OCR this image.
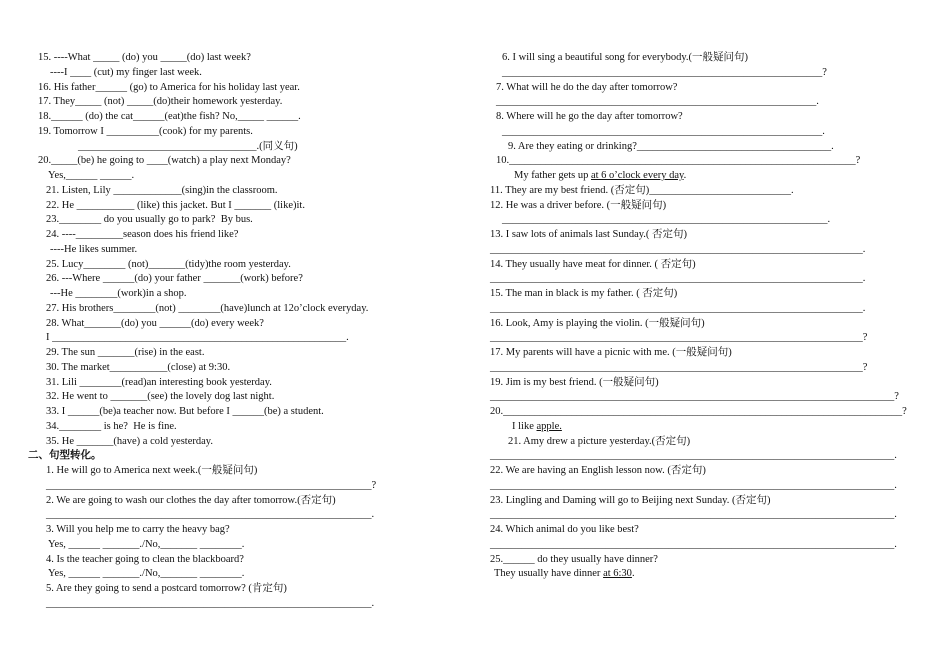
15. ----What _____ (do) you _____(do) last week?
----I ____ (cut) my finger last week.
16. His father______ (go) to America for his holiday last year.
17. They_____ (not) _____(do)their homework yesterday.
18.______ (do) the cat______(eat)the fish? No,_____ ______.
19. Tomorrow I __________(cook) for my parents.
__________________________________.(同义句)
20._____(be) he going to ____(watch) a play next Monday?
Yes,______ ______.
21. Listen, Lily _____________(sing)in the classroom.
22. He ___________ (like) this jacket. But I _______ (like)it.
23.________ do you usually go to park?  By bus.
24. ----_________season does his friend like?
----He likes summer.
25. Lucy________ (not)_______(tidy)the room yesterday.
26. ---Where ______(do) your father _______(work) before?
---He ________(work)in a shop.
27. His brothers________(not) ________(have)lunch at 12o’clock everyday.
28. What_______(do) you ______(do) every week?
I ________________________________________________________.
29. The sun _______(rise) in the east.
30. The market___________(close) at 9:30.
31. Lili ________(read)an interesting book yesterday.
32. He went to _______(see) the lovely dog last night.
33. I ______(be)a teacher now. But before I ______(be) a student.
34.________ is he?  He is fine.
35. He _______(have) a cold yesterday.
二、句型转化。
1. He will go to America next week.(一般疑问句)
______________________________________________________________?
2. We are going to wash our clothes the day after tomorrow.(否定句)
______________________________________________________________.
3. Will you help me to carry the heavy bag?
Yes, ______ _______./No,_______ ________.
4. Is the teacher going to clean the blackboard?
Yes, ______ _______./No,_______ ________.
5. Are they going to send a postcard tomorrow? (肯定句)
______________________________________________________________.
6. I will sing a beautiful song for everybody.(一般疑问句)
_____________________________________________________________?
7. What will he do the day after tomorrow?
_____________________________________________________________.
8. Where will he go the day after tomorrow?
_____________________________________________________________.
9. Are they eating or drinking?_____________________________________.
10.__________________________________________________________________?
My father gets up at 6 o’clock every day.
11. They are my best friend. (否定句)___________________________.
12. He was a driver before. (一般疑问句)
______________________________________________________________.
13. I saw lots of animals last Sunday.( 否定句)
_______________________________________________________________________.
14. They usually have meat for dinner. ( 否定句)
_______________________________________________________________________.
15. The man in black is my father. ( 否定句)
_______________________________________________________________________.
16. Look, Amy is playing the violin. (一般疑问句)
_______________________________________________________________________?
17. My parents will have a picnic with me. (一般疑问句)
_______________________________________________________________________?
19. Jim is my best friend. (一般疑问句)
_____________________________________________________________________________?
20.____________________________________________________________________________?
I like apple.
21. Amy drew a picture yesterday.(否定句)
_____________________________________________________________________________.
22. We are having an English lesson now. (否定句)
_____________________________________________________________________________.
23. Lingling and Daming will go to Beijing next Sunday. (否定句)
_____________________________________________________________________________.
24. Which animal do you like best?
_____________________________________________________________________________.
25.______ do they usually have dinner?
They usually have dinner at 6:30.
